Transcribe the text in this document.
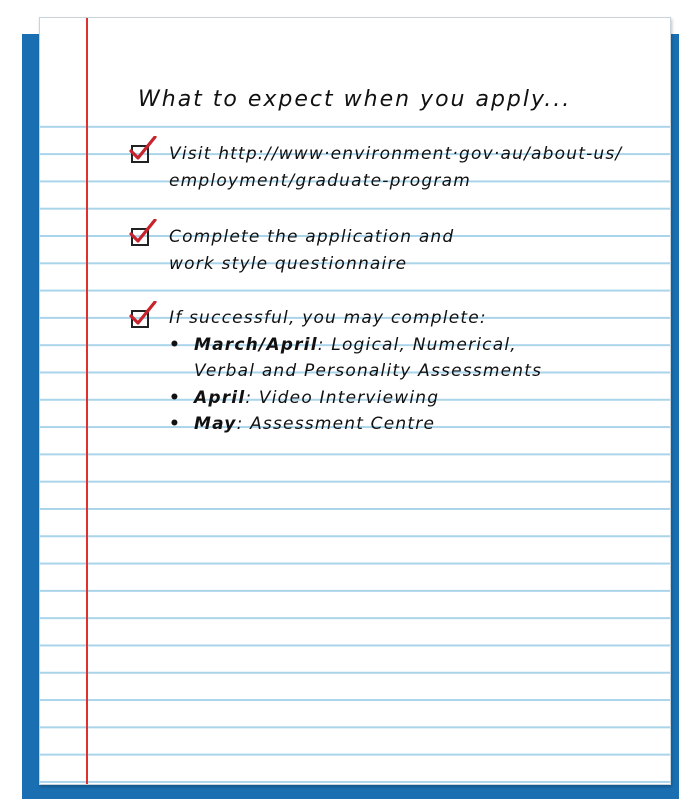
What to expect when you apply...
Visit http://www·environment·gov·au/about-us/
employment/graduate-program
Complete the application and
work style questionnaire
If successful, you may complete:
• March/April: Logical, Numerical,
Verbal and Personality Assessments
• April: Video Interviewing
• May: Assessment Centre
